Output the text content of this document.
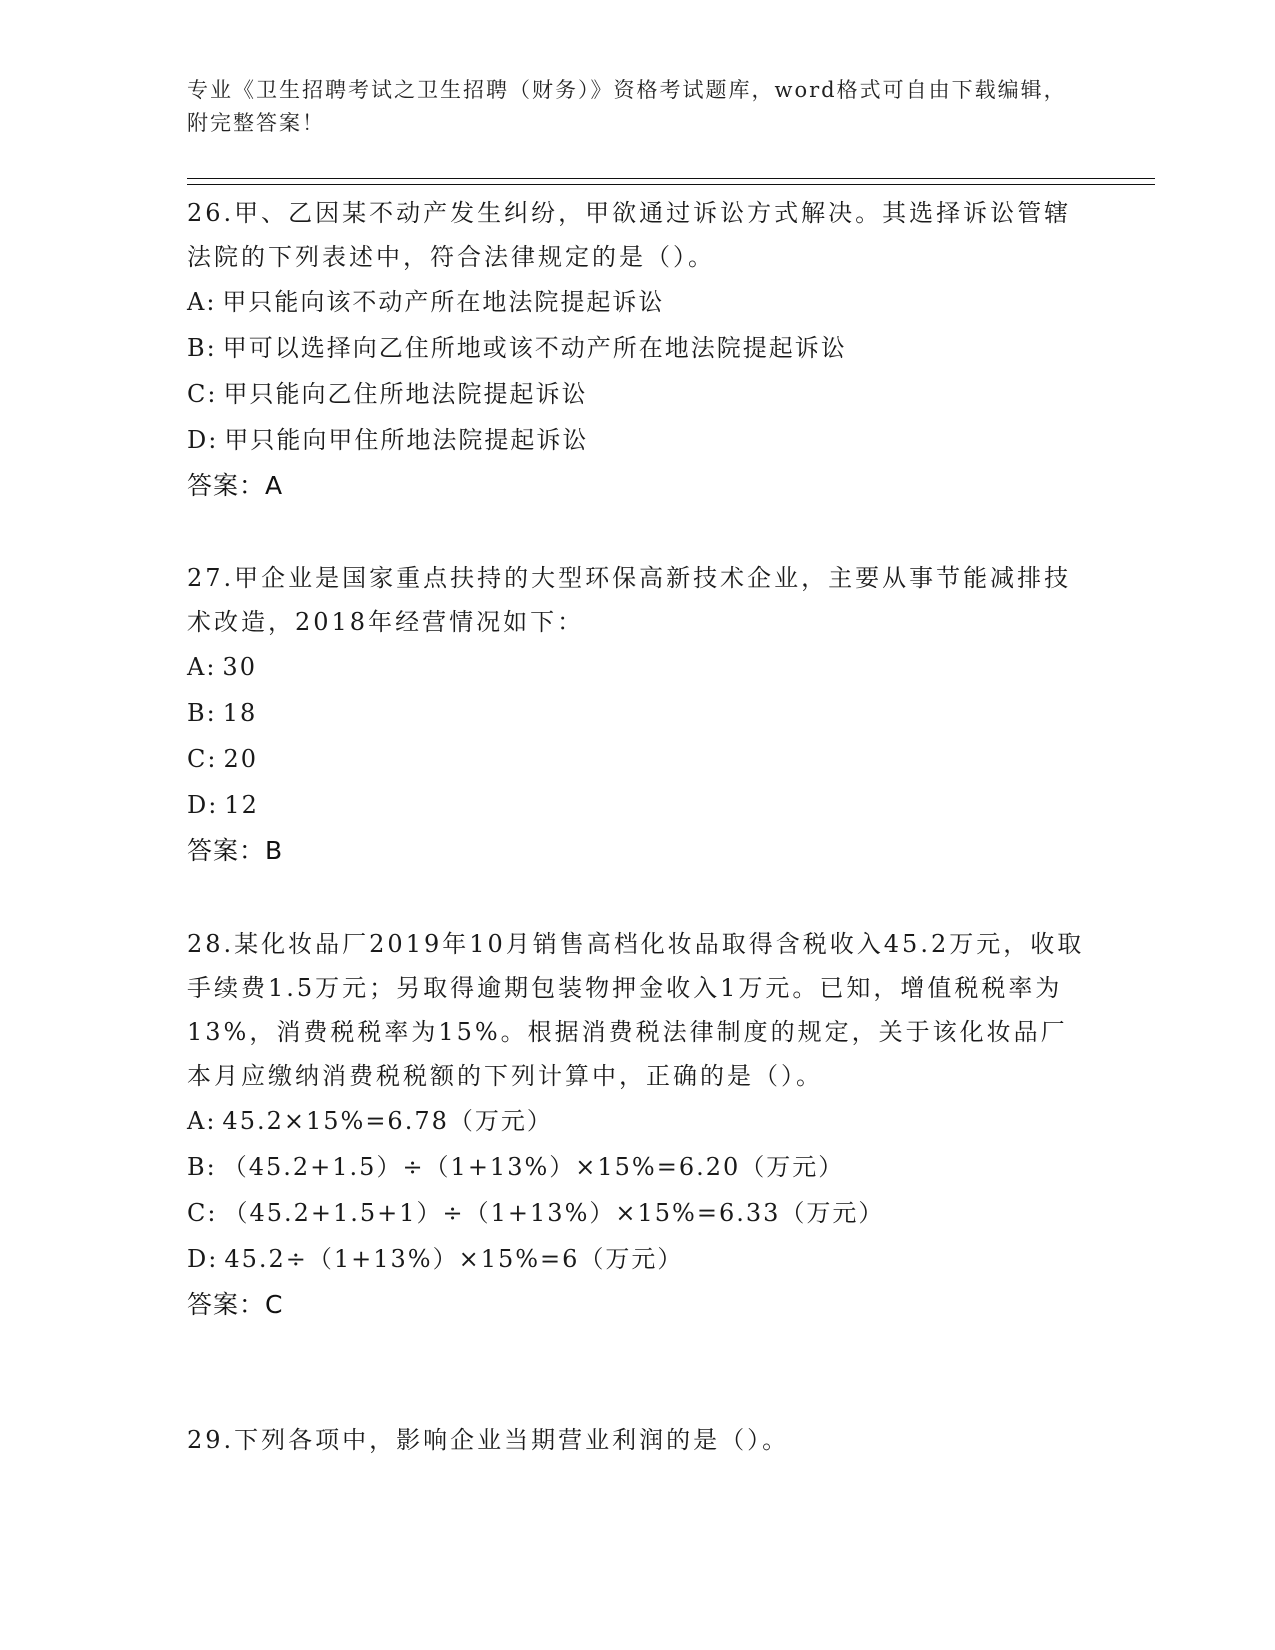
专业《卫生招聘考试之卫生招聘（财务）》资格考试题库，word格式可自由下载编辑，附完整答案！

26.甲、乙因某不动产发生纠纷，甲欲通过诉讼方式解决。其选择诉讼管辖法院的下列表述中，符合法律规定的是（）。

A: 甲只能向该不动产所在地法院提起诉讼
B: 甲可以选择向乙住所地或该不动产所在地法院提起诉讼
C: 甲只能向乙住所地法院提起诉讼
D: 甲只能向甲住所地法院提起诉讼
答案：A

27.甲企业是国家重点扶持的大型环保高新技术企业，主要从事节能减排技术改造，2018年经营情况如下：

A: 30
B: 18
C: 20
D: 12
答案：B

28.某化妆品厂2019年10月销售高档化妆品取得含税收入45.2万元，收取手续费1.5万元；另取得逾期包装物押金收入1万元。已知，增值税税率为13%，消费税税率为15%。根据消费税法律制度的规定，关于该化妆品厂本月应缴纳消费税税额的下列计算中，正确的是（）。

A: 45.2×15%=6.78（万元）
B: （45.2+1.5）÷（1+13%）×15%=6.20（万元）
C: （45.2+1.5+1）÷（1+13%）×15%=6.33（万元）
D: 45.2÷（1+13%）×15%=6（万元）
答案：C

29.下列各项中，影响企业当期营业利润的是（）。
